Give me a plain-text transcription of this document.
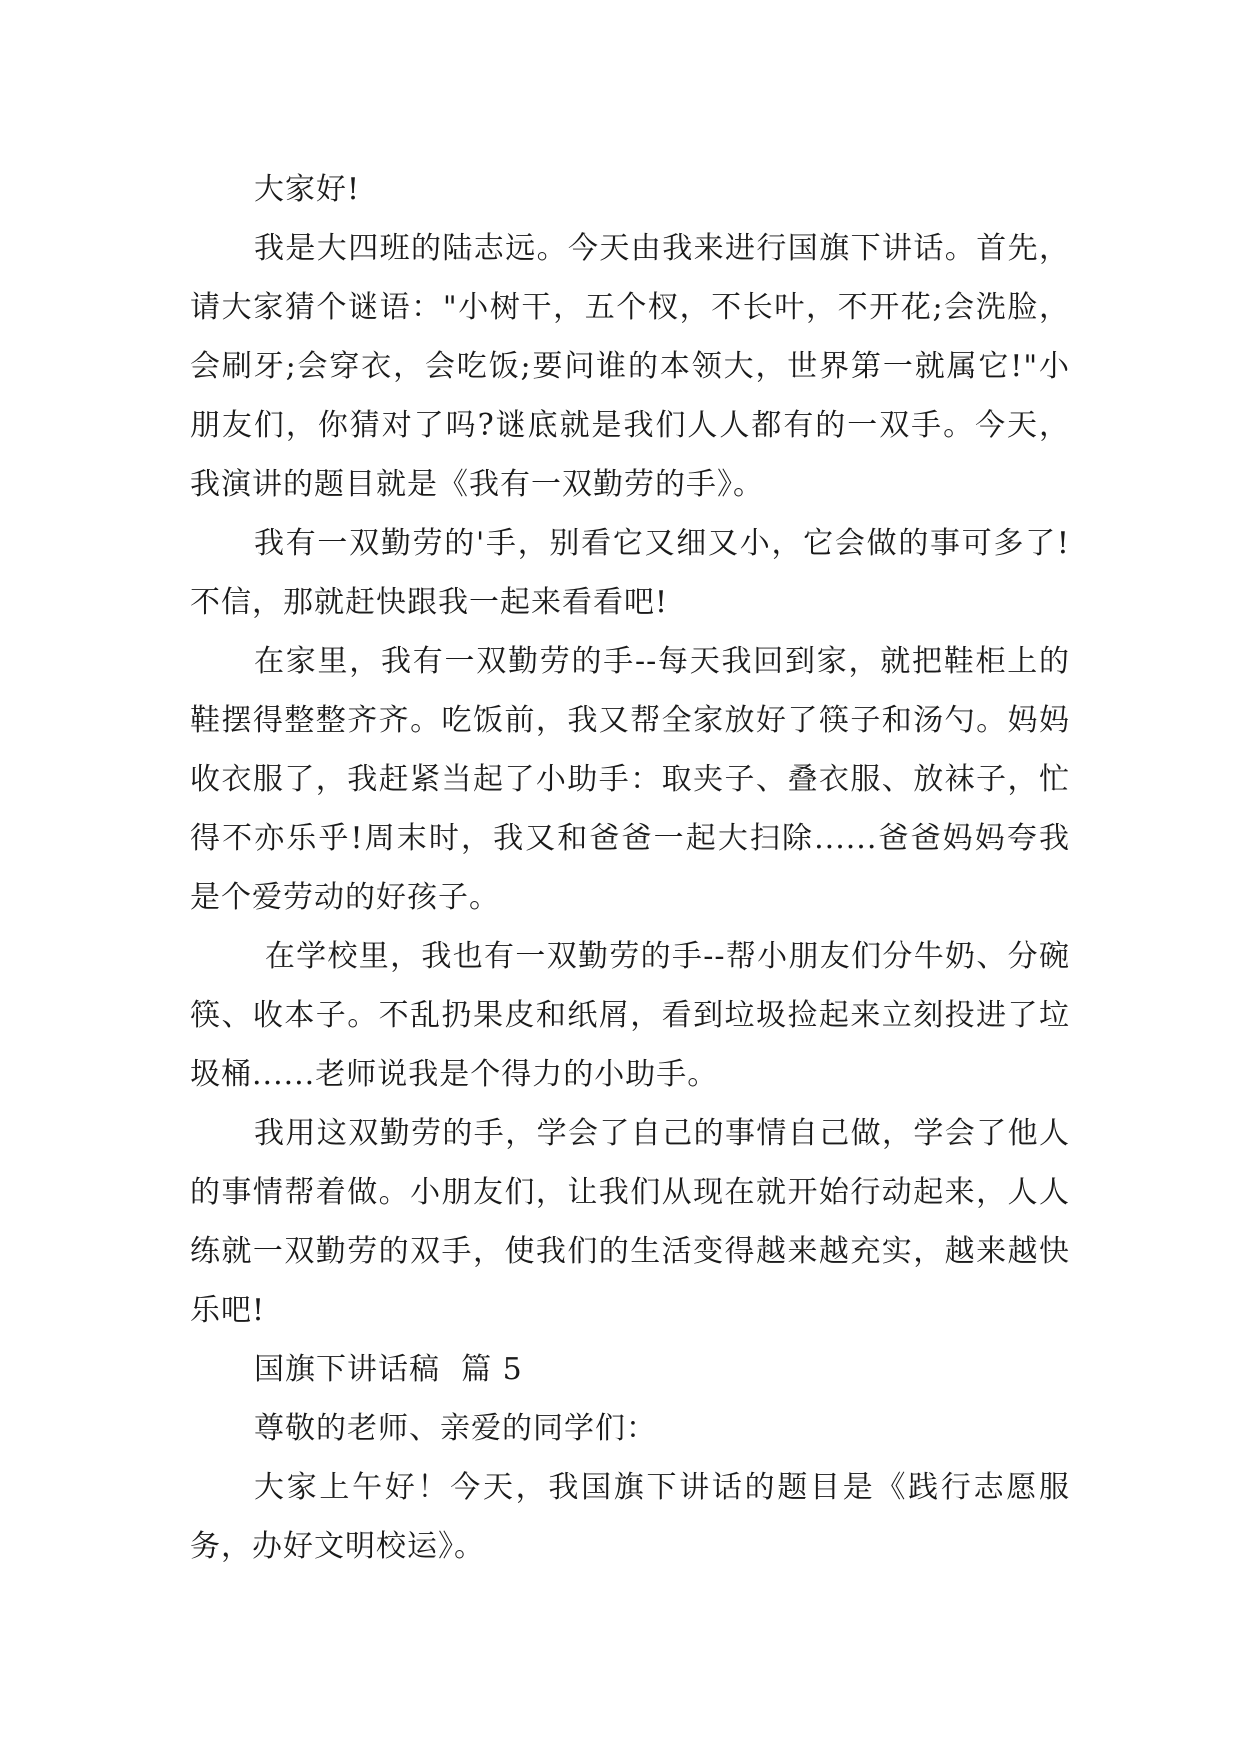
大家好!

我是大四班的陆志远。今天由我来进行国旗下讲话。首先，请大家猜个谜语："小树干，五个杈，不长叶，不开花;会洗脸，会刷牙;会穿衣，会吃饭;要问谁的本领大，世界第一就属它!"小朋友们，你猜对了吗?谜底就是我们人人都有的一双手。今天，我演讲的题目就是《我有一双勤劳的手》。

我有一双勤劳的'手，别看它又细又小，它会做的事可多了!不信，那就赶快跟我一起来看看吧!

在家里，我有一双勤劳的手--每天我回到家，就把鞋柜上的鞋摆得整整齐齐。吃饭前，我又帮全家放好了筷子和汤勺。妈妈收衣服了，我赶紧当起了小助手：取夹子、叠衣服、放袜子，忙得不亦乐乎!周末时，我又和爸爸一起大扫除......爸爸妈妈夸我是个爱劳动的好孩子。

在学校里，我也有一双勤劳的手--帮小朋友们分牛奶、分碗筷、收本子。不乱扔果皮和纸屑，看到垃圾捡起来立刻投进了垃圾桶......老师说我是个得力的小助手。

我用这双勤劳的手，学会了自己的事情自己做，学会了他人的事情帮着做。小朋友们，让我们从现在就开始行动起来，人人练就一双勤劳的双手，使我们的生活变得越来越充实，越来越快乐吧!

国旗下讲话稿  篇 5

尊敬的老师、亲爱的同学们：

大家上午好！今天，我国旗下讲话的题目是《践行志愿服务，办好文明校运》。
